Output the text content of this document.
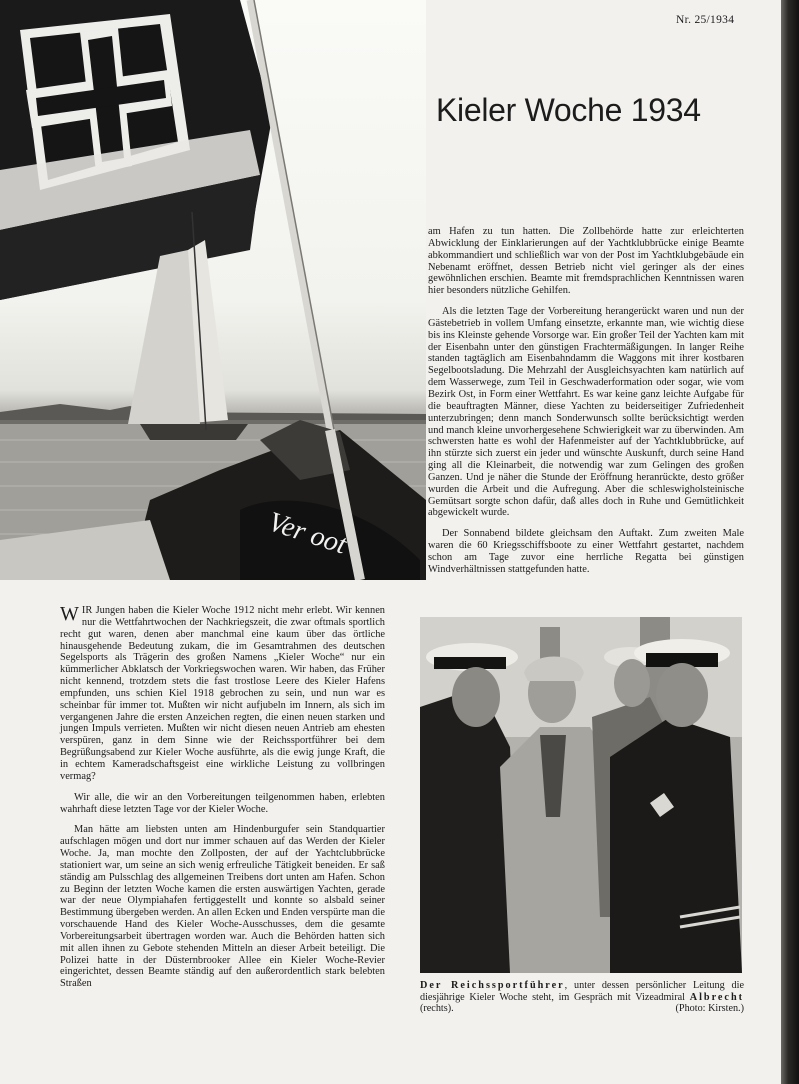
Ver oot
Nr. 25/1934
Kieler Woche 1934

am Hafen zu tun hatten. Die Zollbehörde hatte zur erleichterten Abwicklung der Einklarierungen auf der Yachtklubbrücke einige Beamte abkommandiert und schließlich war von der Post im Yachtklubgebäude ein Nebenamt eröffnet, dessen Betrieb nicht viel geringer als der eines gewöhnlichen erschien. Beamte mit fremdsprachlichen Kenntnissen waren hier besonders nützliche Gehilfen.

Als die letzten Tage der Vorbereitung herangerückt waren und nun der Gästebetrieb in vollem Umfang einsetzte, erkannte man, wie wichtig diese bis ins Kleinste gehende Vorsorge war. Ein großer Teil der Yachten kam mit der Eisenbahn unter den günstigen Frachtermäßigungen. In langer Reihe standen tagtäglich am Eisenbahndamm die Waggons mit ihrer kostbaren Segelbootsladung. Die Mehrzahl der Ausgleichsyachten kam natürlich auf dem Wasserwege, zum Teil in Geschwaderformation oder sogar, wie vom Bezirk Ost, in Form einer Wettfahrt. Es war keine ganz leichte Aufgabe für die beauftragten Männer, diese Yachten zu beiderseitiger Zufriedenheit unterzubringen; denn manch Sonderwunsch sollte berücksichtigt werden und manch kleine unvorhergesehene Schwierigkeit war zu überwinden. Am schwersten hatte es wohl der Hafenmeister auf der Yachtklubbrücke, auf ihn stürzte sich zuerst ein jeder und wünschte Auskunft, durch seine Hand ging all die Kleinarbeit, die notwendig war zum Gelingen des großen Ganzen. Und je näher die Stunde der Eröffnung heranrückte, desto größer wurden die Arbeit und die Aufregung. Aber die schleswigholsteinische Gemütsart sorgte schon dafür, daß alles doch in Ruhe und Gemütlichkeit abgewickelt wurde.

Der Sonnabend bildete gleichsam den Auftakt. Zum zweiten Male waren die 60 Kriegsschiffsboote zu einer Wettfahrt gestartet, nachdem schon am Tage zuvor eine herrliche Regatta bei günstigen Windverhältnissen stattgefunden hatte.

WIR Jungen haben die Kieler Woche 1912 nicht mehr erlebt. Wir kennen nur die Wettfahrtwochen der Nachkriegszeit, die zwar oftmals sportlich recht gut waren, denen aber manchmal eine kaum über das örtliche hinausgehende Bedeutung zukam, die im Gesamtrahmen des deutschen Segelsports als Trägerin des großen Namens „Kieler Woche“ nur ein kümmerlicher Abklatsch der Vorkriegswochen waren. Wir haben, das Früher nicht kennend, trotzdem stets die fast trostlose Leere des Kieler Hafens empfunden, uns schien Kiel 1918 gebrochen zu sein, und nun war es scheinbar für immer tot. Mußten wir nicht aufjubeln im Innern, als sich im vergangenen Jahre die ersten Anzeichen regten, die einen neuen starken und jungen Impuls verrieten. Mußten wir nicht diesen neuen Antrieb am ehesten verspüren, ganz in dem Sinne wie der Reichssportführer bei dem Begrüßungsabend zur Kieler Woche ausführte, als die ewig junge Kraft, die in echtem Kameradschaftsgeist eine wirkliche Leistung zu vollbringen vermag?

Wir alle, die wir an den Vorbereitungen teilgenommen haben, erlebten wahrhaft diese letzten Tage vor der Kieler Woche.

Man hätte am liebsten unten am Hindenburgufer sein Standquartier aufschlagen mögen und dort nur immer schauen auf das Werden der Kieler Woche. Ja, man mochte den Zollposten, der auf der Yachtclubbrücke stationiert war, um seine an sich wenig erfreuliche Tätigkeit beneiden. Er saß ständig am Pulsschlag des allgemeinen Treibens dort unten am Hafen. Schon zu Beginn der letzten Woche kamen die ersten auswärtigen Yachten, gerade war der neue Olympiahafen fertiggestellt und konnte so alsbald seiner Bestimmung übergeben werden. An allen Ecken und Enden verspürte man die vorschauende Hand des Kieler Woche-Ausschusses, dem die gesamte Vorbereitungsarbeit übertragen worden war. Auch die Behörden hatten sich mit allen ihnen zu Gebote stehenden Mitteln an dieser Arbeit beteiligt. Die Polizei hatte in der Düsternbrooker Allee ein Kieler Woche-Revier eingerichtet, dessen Beamte ständig auf den außerordentlich stark belebten Straßen	Der Reichssportführer, unter dessen persönlicher Leitung die diesjährige Kieler Woche steht, im Gespräch mit Vizeadmiral Albrecht (rechts).	(Photo: Kirsten.)
